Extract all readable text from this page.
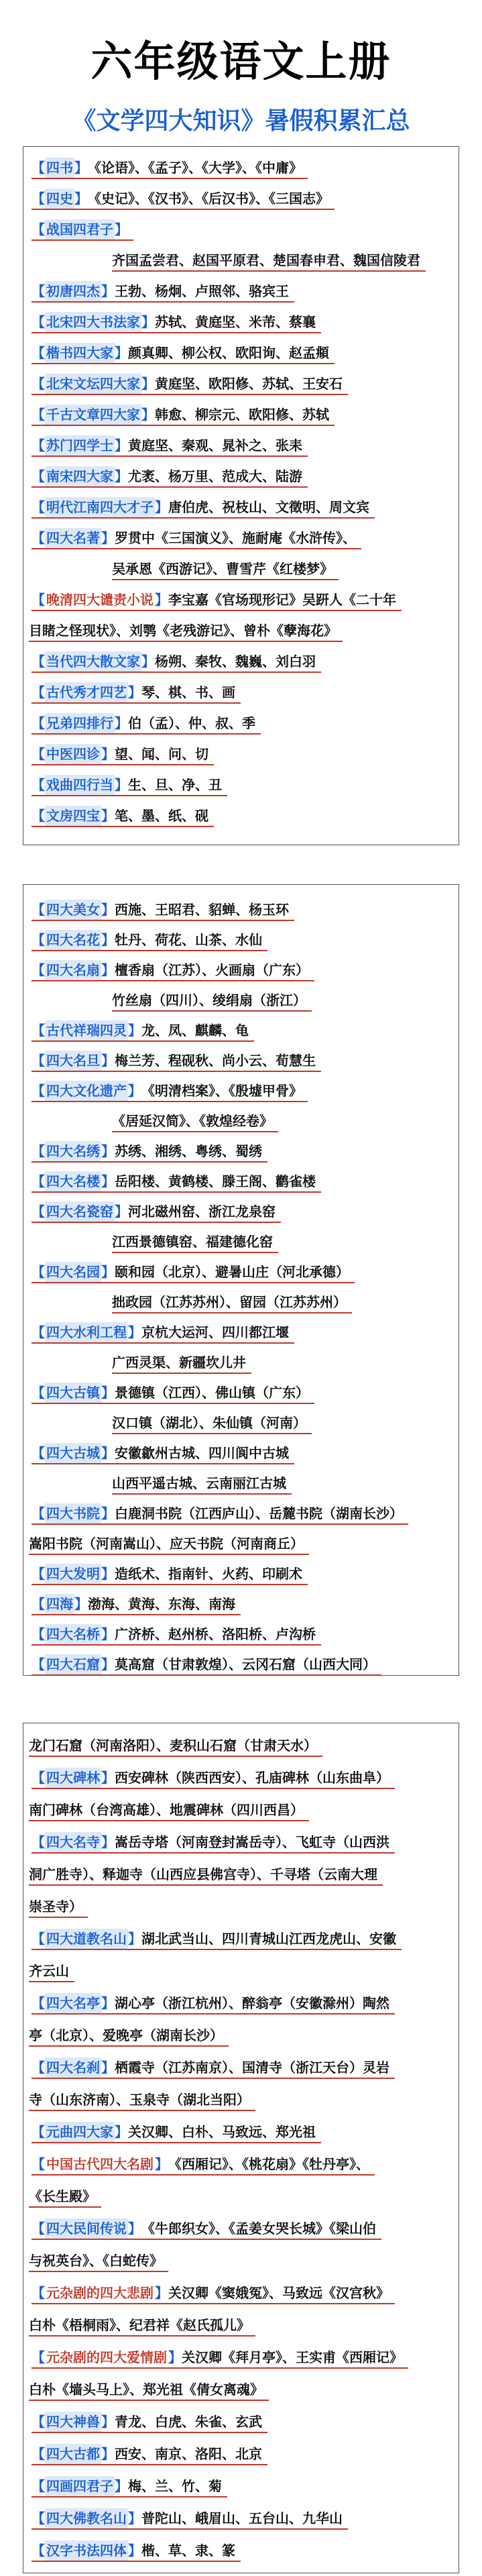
六年级语文上册
《文学四大知识》暑假积累汇总
【 四书 】《论语》、《孟子》、《大学》、《中庸》
【 四史 】《史记》、《汉书》、《后汉书》、《三国志》
【 战国四君子 】
齐国孟尝君、赵国平原君、楚国春申君、魏国信陵君
【 初唐四杰 】王勃、杨炯、卢照邻、骆宾王
【 北宋四大书法家 】苏轼、黄庭坚、米芾、蔡襄
【 楷书四大家 】颜真卿、柳公权、欧阳询、赵孟頫
【 北宋文坛四大家 】黄庭坚、欧阳修、苏轼、王安石
【 千古文章四大家 】韩愈、柳宗元、欧阳修、苏轼
【 苏门四学士 】黄庭坚、秦观、晁补之、张耒
【 南宋四大家 】尤袤、杨万里、范成大、陆游
【 明代江南四大才子 】唐伯虎、祝枝山、文徵明、周文宾
【 四大名著 】罗贯中《三国演义》、施耐庵《水浒传》、
吴承恩《西游记》、曹雪芹《红楼梦》
【 晚清四大谴责小说 】李宝嘉《官场现形记》吴趼人《二十年
目睹之怪现状》、刘鹗《老残游记》、曾朴《孽海花》
【 当代四大散文家 】杨朔、秦牧、魏巍、刘白羽
【 古代秀才四艺 】琴、棋、书、画
【 兄弟四排行 】伯（孟）、仲、叔、季
【 中医四诊 】望、闻、问、切
【 戏曲四行当 】生、旦、净、丑
【 文房四宝 】笔、墨、纸、砚
【 四大美女 】西施、王昭君、貂蝉、杨玉环
【 四大名花 】牡丹、荷花、山茶、水仙
【 四大名扇 】檀香扇（江苏）、火画扇（广东）
竹丝扇（四川）、绫绢扇（浙江）
【 古代祥瑞四灵 】龙、凤、麒麟、龟
【 四大名旦 】梅兰芳、程砚秋、尚小云、荀慧生
【 四大文化遗产 】《明清档案》、《殷墟甲骨》
《居延汉简》、《敦煌经卷》
【 四大名绣 】苏绣、湘绣、粤绣、蜀绣
【 四大名楼 】岳阳楼、黄鹤楼、滕王阁、鹳雀楼
【 四大名瓷窑 】河北磁州窑、浙江龙泉窑
江西景德镇窑、福建德化窑
【 四大名园 】颐和园（北京）、避暑山庄（河北承德）
拙政园（江苏苏州）、留园（江苏苏州）
【 四大水利工程 】京杭大运河、四川都江堰
广西灵渠、新疆坎儿井
【 四大古镇 】景德镇（江西）、佛山镇（广东）
汉口镇（湖北）、朱仙镇（河南）
【 四大古城 】安徽歙州古城、四川阆中古城
山西平遥古城、云南丽江古城
【 四大书院 】白鹿洞书院（江西庐山）、岳麓书院（湖南长沙）
嵩阳书院（河南嵩山）、应天书院（河南商丘）
【 四大发明 】造纸术、指南针、火药、印刷术
【 四海 】渤海、黄海、东海、南海
【 四大名桥 】广济桥、赵州桥、洛阳桥、卢沟桥
【 四大石窟 】莫高窟（甘肃敦煌）、云冈石窟（山西大同）
龙门石窟（河南洛阳）、麦积山石窟（甘肃天水）
【 四大碑林 】西安碑林（陕西西安）、孔庙碑林（山东曲阜）
南门碑林（台湾高雄）、地震碑林（四川西昌）
【 四大名寺 】嵩岳寺塔（河南登封嵩岳寺）、飞虹寺（山西洪
洞广胜寺）、释迦寺（山西应县佛宫寺）、千寻塔（云南大理
崇圣寺）
【 四大道教名山 】湖北武当山、四川青城山江西龙虎山、安徽
齐云山
【 四大名亭 】湖心亭（浙江杭州）、醉翁亭（安徽滁州）陶然
亭（北京）、爱晚亭（湖南长沙）
【 四大名刹 】栖霞寺（江苏南京）、国清寺（浙江天台）灵岩
寺（山东济南）、玉泉寺（湖北当阳）
【 元曲四大家 】关汉卿、白朴、马致远、郑光祖
【 中国古代四大名剧 】《西厢记》、《桃花扇》《牡丹亭》、
《长生殿》
【 四大民间传说 】《牛郎织女》、《孟姜女哭长城》《梁山伯
与祝英台》、《白蛇传》
【 元杂剧的四大悲剧 】关汉卿《窦娥冤》、马致远《汉宫秋》
白朴《梧桐雨》、纪君祥《赵氏孤儿》
【 元杂剧的四大爱情剧 】关汉卿《拜月亭》、王实甫《西厢记》
白朴《墙头马上》、郑光祖《倩女离魂》
【 四大神兽 】青龙、白虎、朱雀、玄武
【 四大古都 】西安、南京、洛阳、北京
【 四画四君子 】梅、兰、竹、菊
【 四大佛教名山 】普陀山、峨眉山、五台山、九华山
【 汉字书法四体 】楷、草、隶、篆
